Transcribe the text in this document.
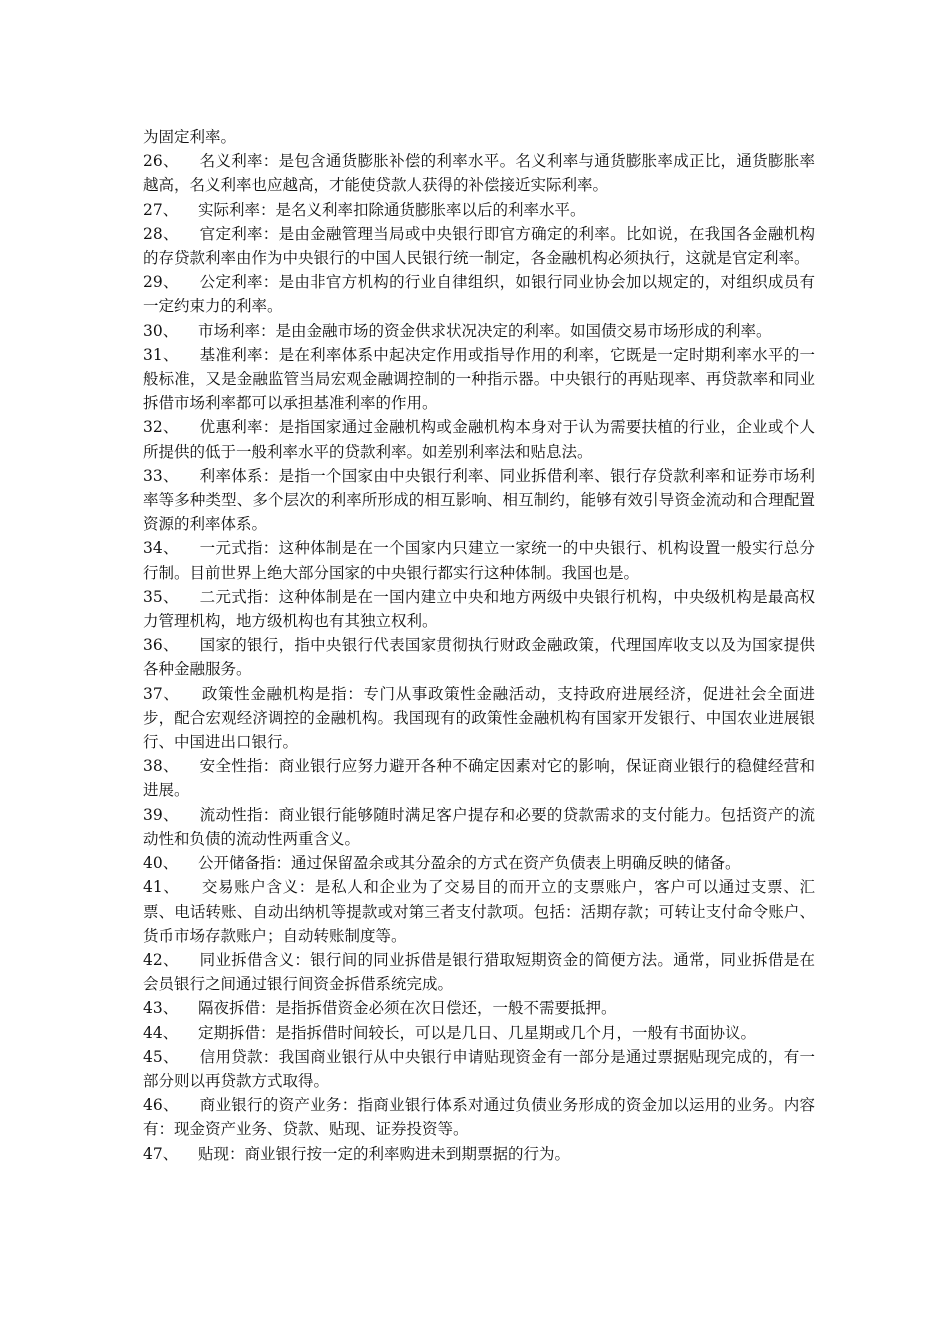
为固定利率。

26、 名义利率：是包含通货膨胀补偿的利率水平。名义利率与通货膨胀率成正比，通货膨胀率越高，名义利率也应越高，才能使贷款人获得的补偿接近实际利率。

27、 实际利率：是名义利率扣除通货膨胀率以后的利率水平。

28、 官定利率：是由金融管理当局或中央银行即官方确定的利率。比如说，在我国各金融机构的存贷款利率由作为中央银行的中国人民银行统一制定，各金融机构必须执行，这就是官定利率。

29、 公定利率：是由非官方机构的行业自律组织，如银行同业协会加以规定的，对组织成员有一定约束力的利率。

30、 市场利率：是由金融市场的资金供求状况决定的利率。如国债交易市场形成的利率。

31、 基准利率：是在利率体系中起决定作用或指导作用的利率，它既是一定时期利率水平的一般标准，又是金融监管当局宏观金融调控制的一种指示器。中央银行的再贴现率、再贷款率和同业拆借市场利率都可以承担基准利率的作用。

32、 优惠利率：是指国家通过金融机构或金融机构本身对于认为需要扶植的行业，企业或个人所提供的低于一般利率水平的贷款利率。如差别利率法和贴息法。

33、 利率体系：是指一个国家由中央银行利率、同业拆借利率、银行存贷款利率和证券市场利率等多种类型、多个层次的利率所形成的相互影响、相互制约，能够有效引导资金流动和合理配置资源的利率体系。

34、 一元式指：这种体制是在一个国家内只建立一家统一的中央银行、机构设置一般实行总分行制。目前世界上绝大部分国家的中央银行都实行这种体制。我国也是。

35、 二元式指：这种体制是在一国内建立中央和地方两级中央银行机构，中央级机构是最高权力管理机构，地方级机构也有其独立权利。

36、 国家的银行，指中央银行代表国家贯彻执行财政金融政策，代理国库收支以及为国家提供各种金融服务。

37、 政策性金融机构是指：专门从事政策性金融活动，支持政府进展经济，促进社会全面进步，配合宏观经济调控的金融机构。我国现有的政策性金融机构有国家开发银行、中国农业进展银行、中国进出口银行。

38、 安全性指：商业银行应努力避开各种不确定因素对它的影响，保证商业银行的稳健经营和进展。

39、 流动性指：商业银行能够随时满足客户提存和必要的贷款需求的支付能力。包括资产的流动性和负债的流动性两重含义。

40、 公开储备指：通过保留盈余或其分盈余的方式在资产负债表上明确反映的储备。

41、 交易账户含义：是私人和企业为了交易目的而开立的支票账户，客户可以通过支票、汇票、电话转账、自动出纳机等提款或对第三者支付款项。包括：活期存款；可转让支付命令账户、货币市场存款账户；自动转账制度等。

42、 同业拆借含义：银行间的同业拆借是银行猎取短期资金的简便方法。通常，同业拆借是在会员银行之间通过银行间资金拆借系统完成。

43、 隔夜拆借：是指拆借资金必须在次日偿还，一般不需要抵押。

44、 定期拆借：是指拆借时间较长，可以是几日、几星期或几个月，一般有书面协议。

45、 信用贷款：我国商业银行从中央银行申请贴现资金有一部分是通过票据贴现完成的，有一部分则以再贷款方式取得。

46、 商业银行的资产业务：指商业银行体系对通过负债业务形成的资金加以运用的业务。内容有：现金资产业务、贷款、贴现、证券投资等。

47、 贴现：商业银行按一定的利率购进未到期票据的行为。
